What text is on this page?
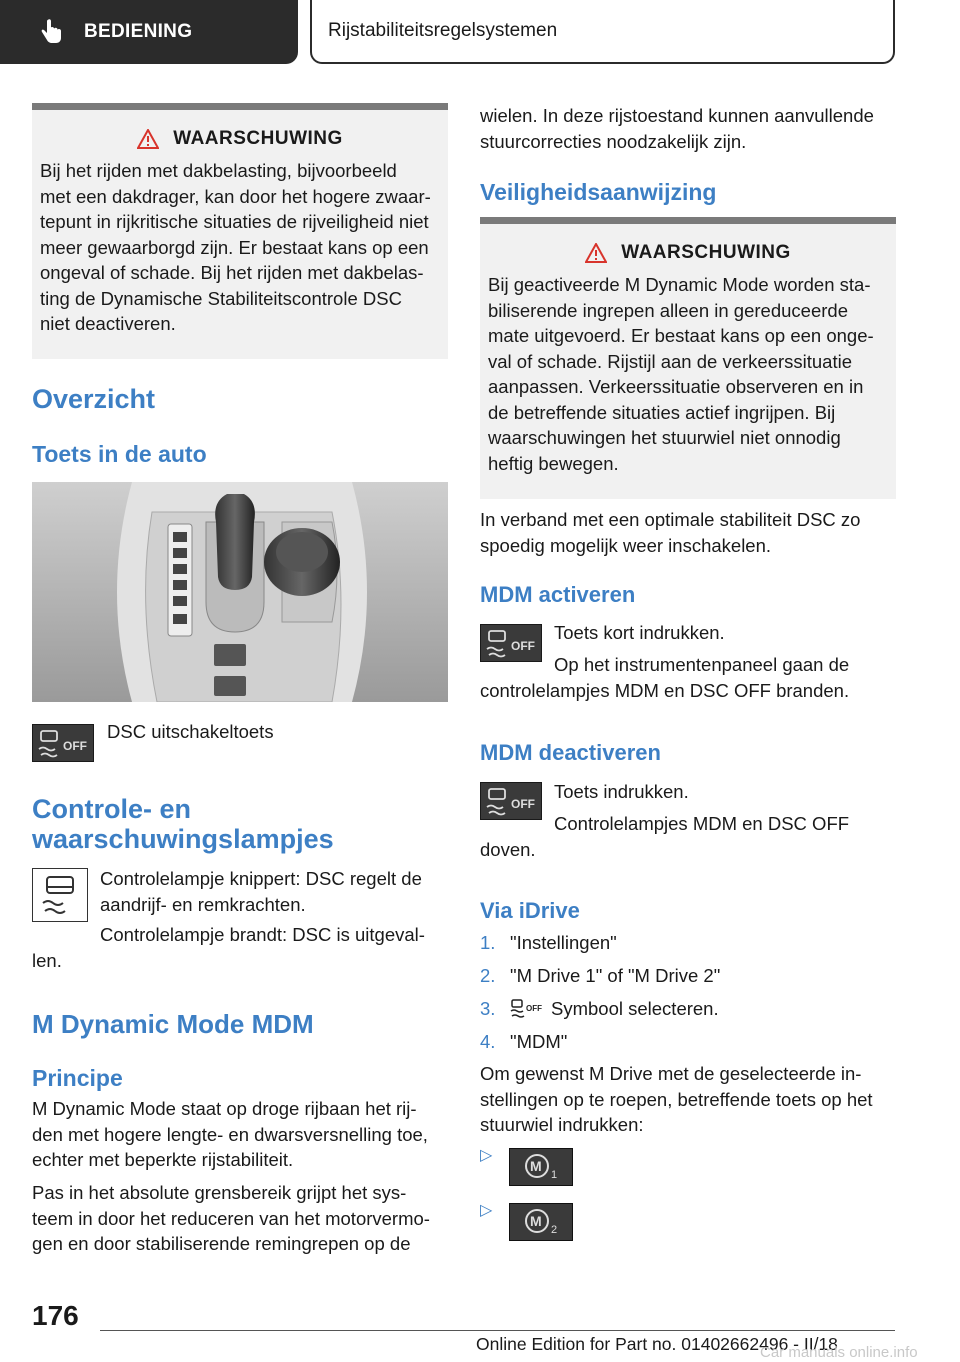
BEDIENING	Rijstabiliteitsregelsystemen
WAARSCHUWING

Bij het rijden met dakbelasting, bijvoorbeeld
met een dakdrager, kan door het hogere zwaar-
tepunt in rijkritische situaties de rijveiligheid niet
meer gewaarborgd zijn. Er bestaat kans op een
ongeval of schade. Bij het rijden met dakbelas-
ting de Dynamische Stabiliteitscontrole DSC
niet deactiveren.

Overzicht
Toets in de auto
OFF
DSC uitschakeltoets
Controle- en
waarschuwingslampjes
Controlelampje knippert: DSC regelt de
aandrijf- en remkrachten.
Controlelampje brandt: DSC is uitgeval-
len.
M Dynamic Mode MDM
Principe

M Dynamic Mode staat op droge rijbaan het rij-
den met hogere lengte- en dwarsversnelling toe,
echter met beperkte rijstabiliteit.

Pas in het absolute grensbereik grijpt het sys-
teem in door het reduceren van het motorvermo-
gen en door stabiliserende remingrepen op de

wielen. In deze rijstoestand kunnen aanvullende
stuurcorrecties noodzakelijk zijn.

Veiligheidsaanwijzing
WAARSCHUWING

Bij geactiveerde M Dynamic Mode worden sta-
biliserende ingrepen alleen in gereduceerde
mate uitgevoerd. Er bestaat kans op een onge-
val of schade. Rijstijl aan de verkeerssituatie
aanpassen. Verkeerssituatie observeren en in
de betreffende situaties actief ingrijpen. Bij
waarschuwingen het stuurwiel niet onnodig
heftig bewegen.

In verband met een optimale stabiliteit DSC zo
spoedig mogelijk weer inschakelen.

MDM activeren
OFF
Toets kort indrukken.
Op het instrumentenpaneel gaan de
controlelampjes MDM en DSC OFF branden.
MDM deactiveren
OFF
Toets indrukken.
Controlelampjes MDM en DSC OFF
doven.
Via iDrive
1. "Instellingen"
2. "M Drive 1" of "M Drive 2"
3.	OFF Symbool selecteren.
4. "MDM"

Om gewenst M Drive met de geselecteerde in-
stellingen op te roepen, betreffende toets op het
stuurwiel indrukken:

▷
M
1
▷
M
2
176
Online Edition for Part no. 01402662496 - II/18
Car manuals online.info
